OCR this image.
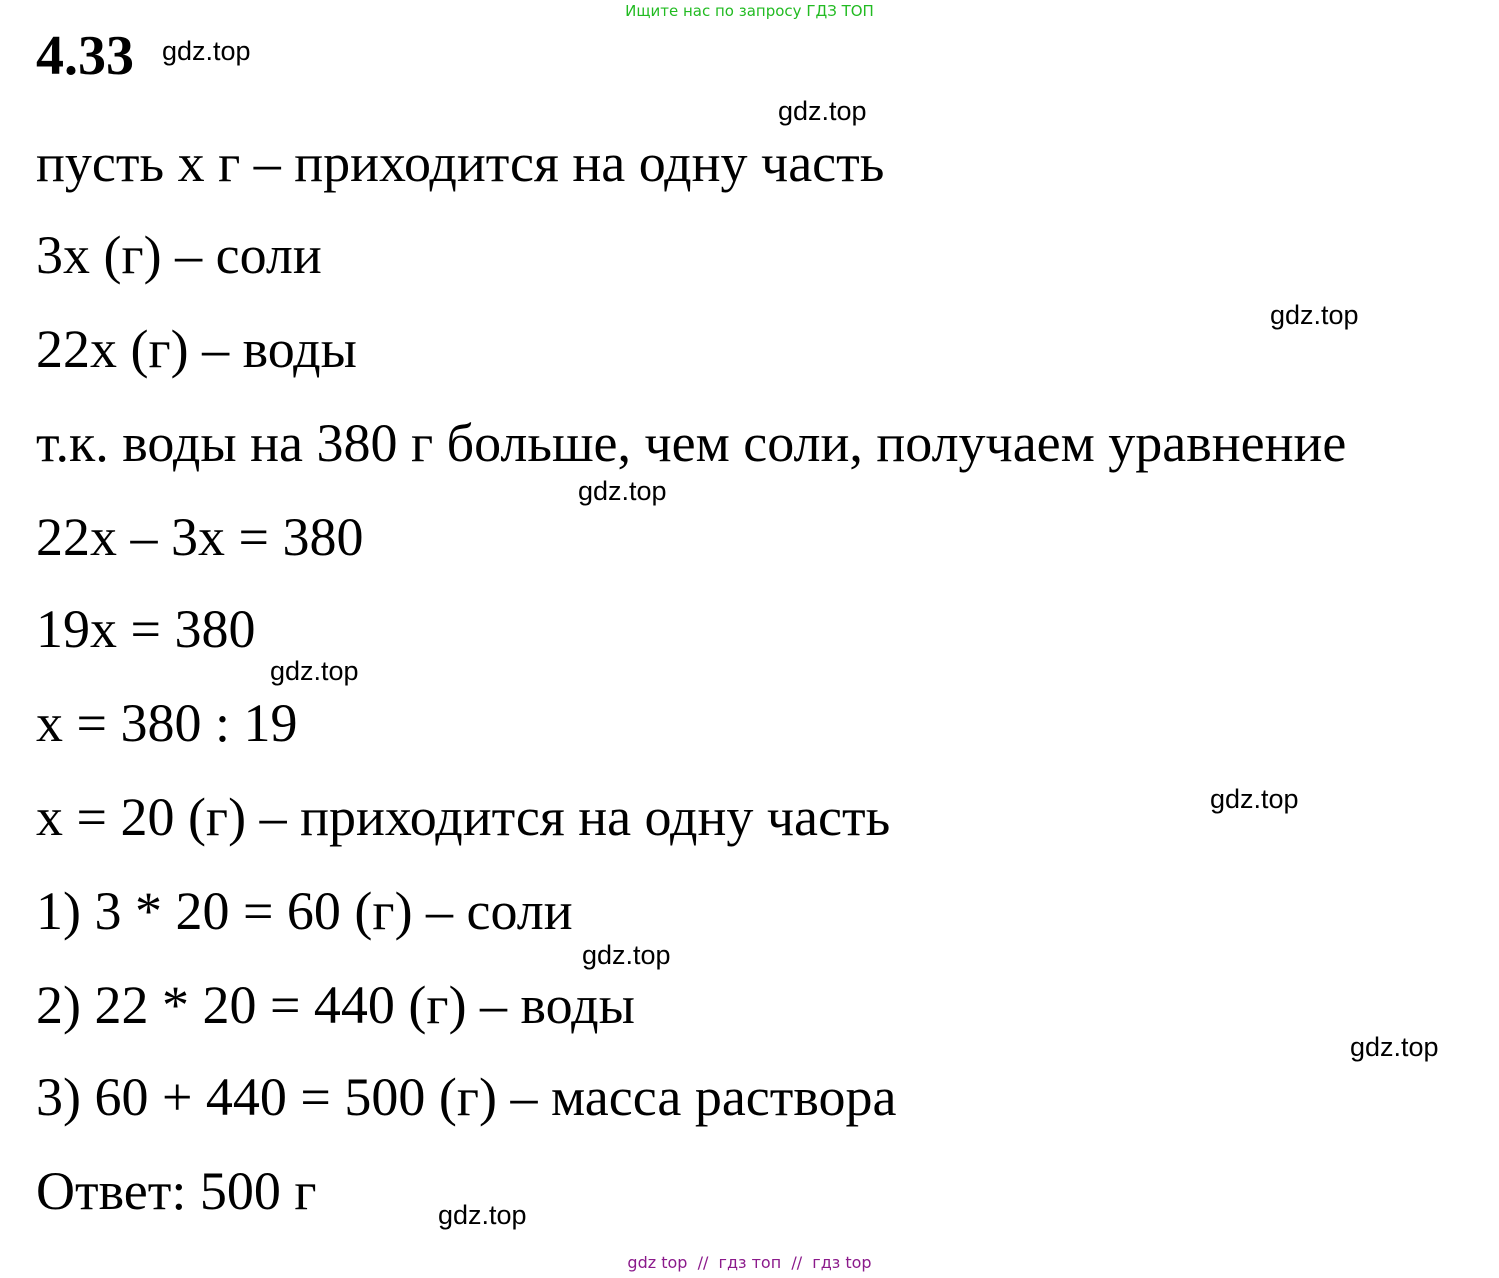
Ищите нас по запросу ГДЗ ТОП
4.33
пусть х г – приходится на одну часть
3х (г) – соли
22х (г) – воды
т.к. воды на 380 г больше, чем соли, получаем уравнение
22х – 3х = 380
19х = 380
х = 380 : 19
х = 20 (г) – приходится на одну часть
1) 3 * 20 = 60 (г) – соли
2) 22 * 20 = 440 (г) – воды
3) 60 + 440 = 500 (г) – масса раствора
Ответ: 500 г
gdz.top
gdz.top
gdz.top
gdz.top
gdz.top
gdz.top
gdz.top
gdz.top
gdz.top
gdz top  //  гдз топ  //  гдз top
